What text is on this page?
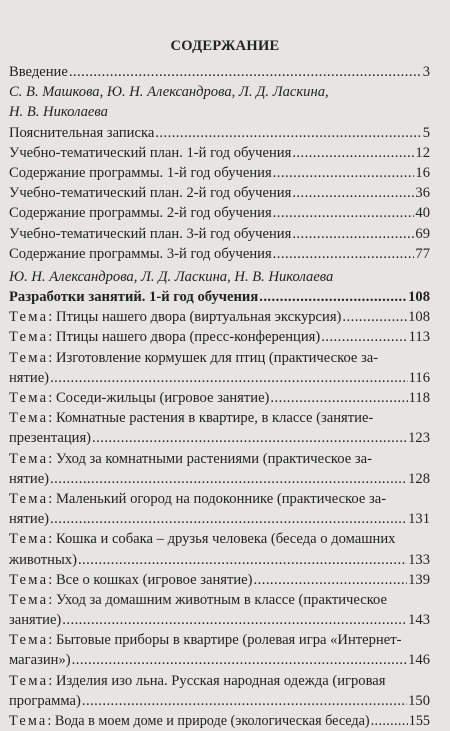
СОДЕРЖАНИЕ
Введение . . .	3
С. В. Машкова, Ю. Н. Александрова, Л. Д. Ласкина,
Н. В. Николаева
Пояснительная записка . . .	5
Учебно-тематический план. 1-й год обучения . . .	12
Содержание программы. 1-й год обучения . . .	16
Учебно-тематический план. 2-й год обучения . . .	36
Содержание программы. 2-й год обучения . . .	40
Учебно-тематический план. 3-й год обучения . . .	69
Содержание программы. 3-й год обучения . . .	77
Ю. Н. Александрова, Л. Д. Ласкина, Н. В. Николаева
Разработки занятий. 1-й год обучения . . .	108
Тема: Птицы нашего двора (виртуальная экскурсия) . . .	108
Тема: Птицы нашего двора (пресс-конференция) . . .	113
Тема: Изготовление кормушек для птиц (практическое за-
нятие) . . .	116
Тема: Соседи-жильцы (игровое занятие) . . .	118
Тема: Комнатные растения в квартире, в классе (занятие-
презентация) . . .	123
Тема: Уход за комнатными растениями (практическое за-
нятие) . . .	128
Тема: Маленький огород на подоконнике (практическое за-
нятие) . . .	131
Тема: Кошка и собака – друзья человека (беседа о домашних
животных) . . .	133
Тема: Все о кошках (игровое занятие) . . .	139
Тема: Уход за домашним животным в классе (практическое
занятие) . . .	143
Тема: Бытовые приборы в квартире (ролевая игра «Интернет-
магазин») . . .	146
Тема: Изделия изо льна. Русская народная одежда (игровая
программа) . . .	150
Тема: Вода в моем доме и природе (экологическая беседа) . . .	155
